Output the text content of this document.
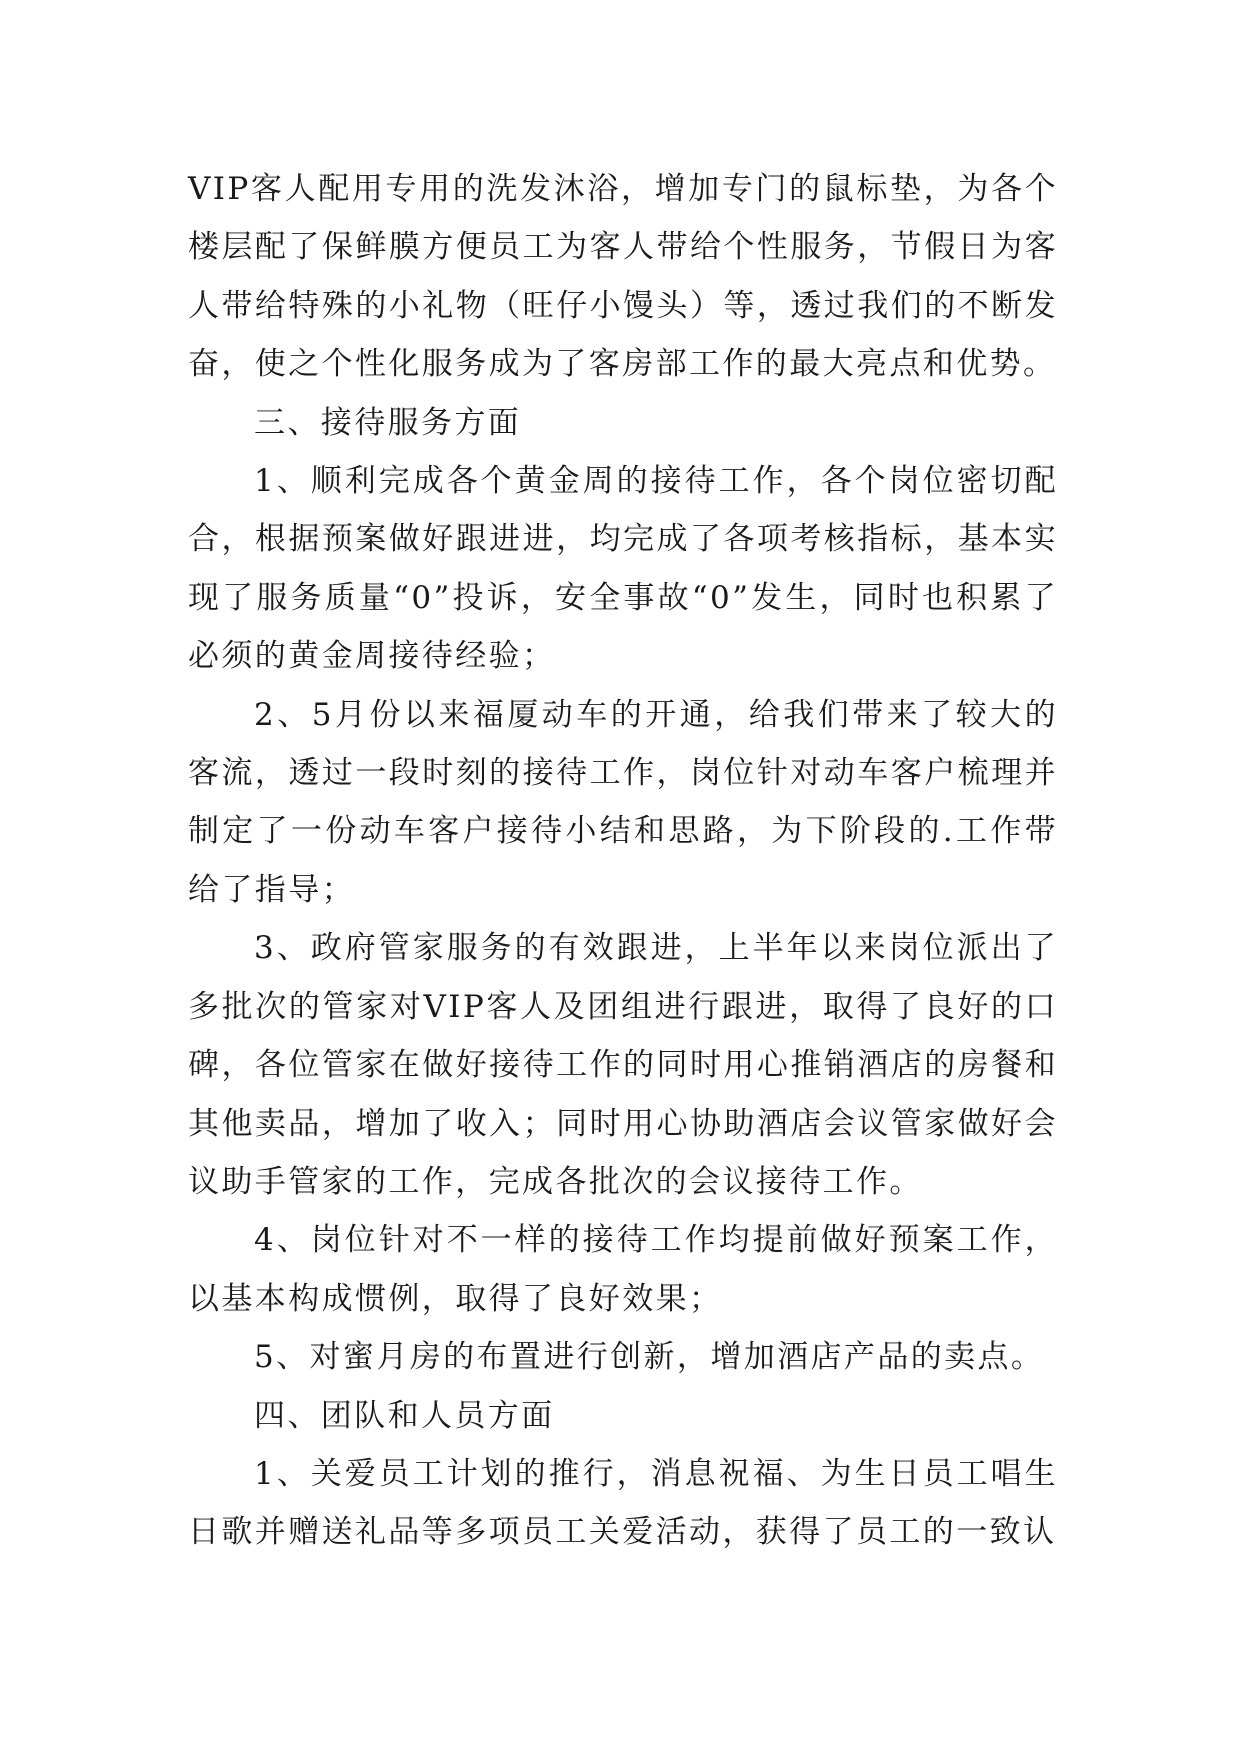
VIP客人配用专用的洗发沐浴，增加专门的鼠标垫，为各个楼层配了保鲜膜方便员工为客人带给个性服务，节假日为客人带给特殊的小礼物（旺仔小馒头）等，透过我们的不断发奋，使之个性化服务成为了客房部工作的最大亮点和优势。

三、接待服务方面

1、顺利完成各个黄金周的接待工作，各个岗位密切配合，根据预案做好跟进进，均完成了各项考核指标，基本实现了服务质量“0”投诉，安全事故“0”发生，同时也积累了必须的黄金周接待经验；

2、5月份以来福厦动车的开通，给我们带来了较大的客流，透过一段时刻的接待工作，岗位针对动车客户梳理并制定了一份动车客户接待小结和思路，为下阶段的.工作带给了指导；

3、政府管家服务的有效跟进，上半年以来岗位派出了多批次的管家对VIP客人及团组进行跟进，取得了良好的口碑，各位管家在做好接待工作的同时用心推销酒店的房餐和其他卖品，增加了收入；同时用心协助酒店会议管家做好会议助手管家的工作，完成各批次的会议接待工作。

4、岗位针对不一样的接待工作均提前做好预案工作，以基本构成惯例，取得了良好效果；

5、对蜜月房的布置进行创新，增加酒店产品的卖点。

四、团队和人员方面

1、关爱员工计划的推行，消息祝福、为生日员工唱生日歌并赠送礼品等多项员工关爱活动，获得了员工的一致认
